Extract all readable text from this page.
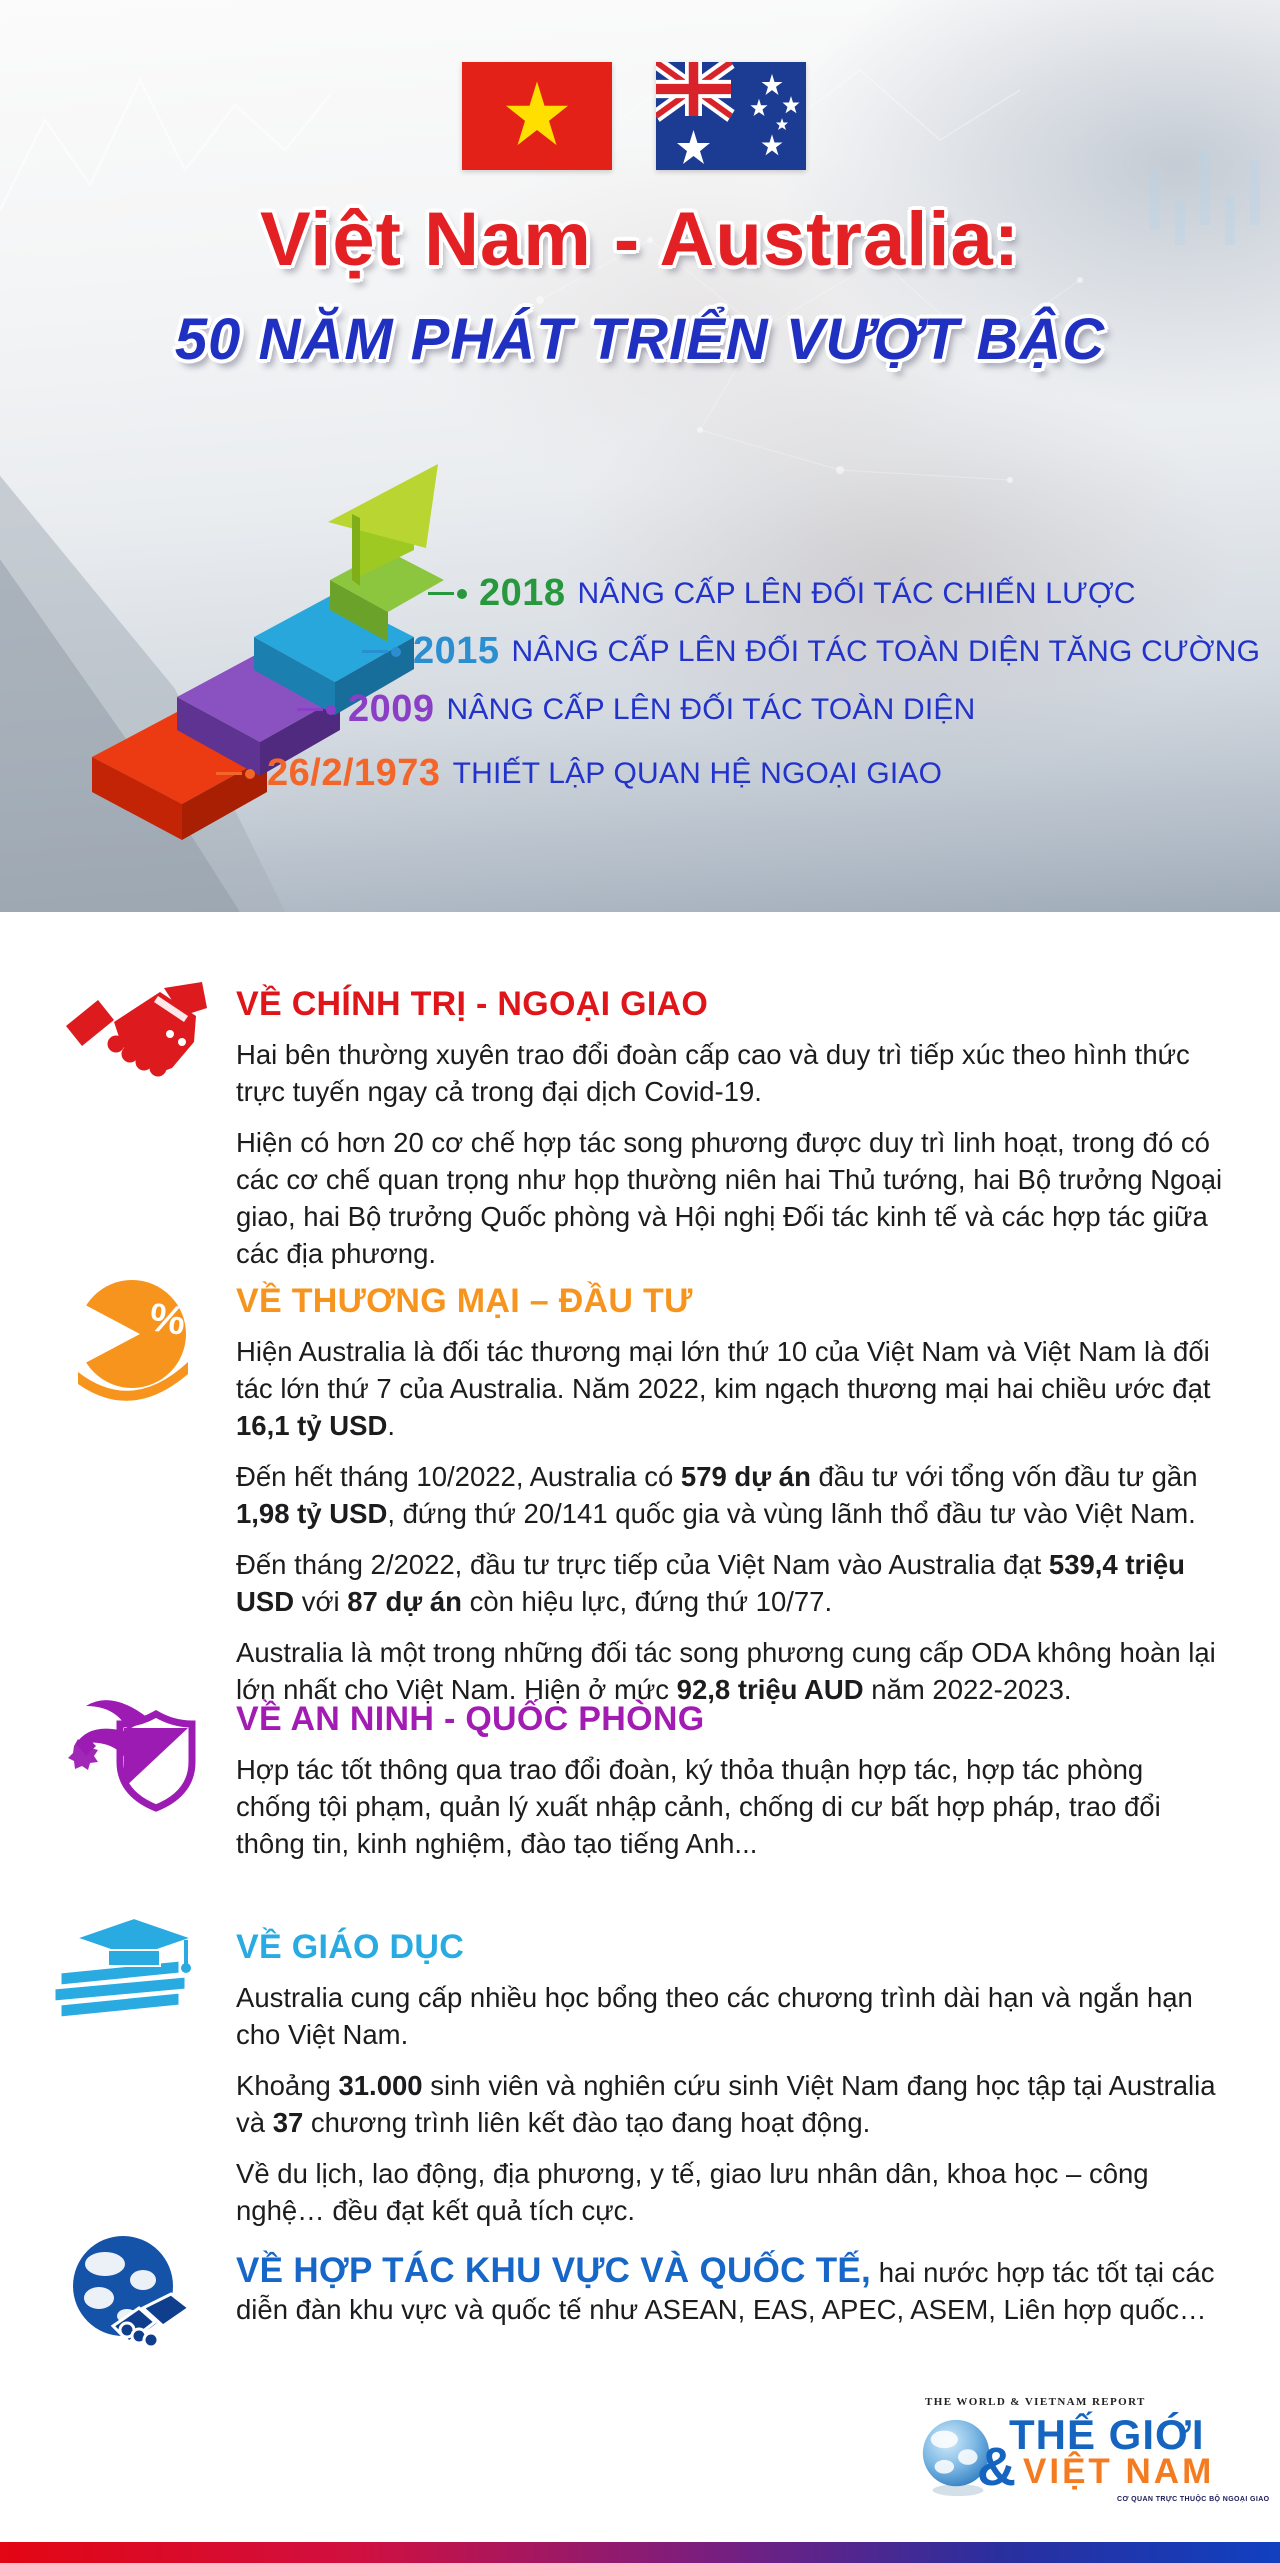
Việt Nam - Australia:
50 NĂM PHÁT TRIỂN VƯỢT BẬC
2018 NÂNG CẤP LÊN ĐỐI TÁC CHIẾN LƯỢC
2015 NÂNG CẤP LÊN ĐỐI TÁC TOÀN DIỆN TĂNG CƯỜNG
2009 NÂNG CẤP LÊN ĐỐI TÁC TOÀN DIỆN
26/2/1973 THIẾT LẬP QUAN HỆ NGOẠI GIAO
%
VỀ CHÍNH TRỊ - NGOẠI GIAO

Hai bên thường xuyên trao đổi đoàn cấp cao và duy trì tiếp xúc theo hình thức trực tuyến ngay cả trong đại dịch Covid-19.

Hiện có hơn 20 cơ chế hợp tác song phương được duy trì linh hoạt, trong đó có các cơ chế quan trọng như họp thường niên hai Thủ tướng, hai Bộ trưởng Ngoại giao, hai Bộ trưởng Quốc phòng và Hội nghị Đối tác kinh tế và các hợp tác giữa các địa phương.

VỀ THƯƠNG MẠI – ĐẦU TƯ

Hiện Australia là đối tác thương mại lớn thứ 10 của Việt Nam và Việt Nam là đối tác lớn thứ 7 của Australia. Năm 2022, kim ngạch thương mại hai chiều ước đạt 16,1 tỷ USD.

Đến hết tháng 10/2022, Australia có 579 dự án đầu tư với tổng vốn đầu tư gần 1,98 tỷ USD, đứng thứ 20/141 quốc gia và vùng lãnh thổ đầu tư vào Việt Nam.

Đến tháng 2/2022, đầu tư trực tiếp của Việt Nam vào Australia đạt 539,4 triệu USD với 87 dự án còn hiệu lực, đứng thứ 10/77.

Australia là một trong những đối tác song phương cung cấp ODA không hoàn lại lớn nhất cho Việt Nam. Hiện ở mức 92,8 triệu AUD năm 2022-2023.

VỀ AN NINH - QUỐC PHÒNG

Hợp tác tốt thông qua trao đổi đoàn, ký thỏa thuận hợp tác, hợp tác phòng chống tội phạm, quản lý xuất nhập cảnh, chống di cư bất hợp pháp, trao đổi thông tin, kinh nghiệm, đào tạo tiếng Anh...

VỀ GIÁO DỤC

Australia cung cấp nhiều học bổng theo các chương trình dài hạn và ngắn hạn cho Việt Nam.

Khoảng 31.000 sinh viên và nghiên cứu sinh Việt Nam đang học tập tại Australia và 37 chương trình liên kết đào tạo đang hoạt động.

Về du lịch, lao động, địa phương, y tế, giao lưu nhân dân, khoa học – công nghệ… đều đạt kết quả tích cực.

VỀ HỢP TÁC KHU VỰC VÀ QUỐC TẾ, hai nước hợp tác tốt tại các diễn đàn khu vực và quốc tế như ASEAN, EAS, APEC, ASEM, Liên hợp quốc…

THE WORLD & VIETNAM REPORT
&
THẾ GIỚI
VIỆT NAM
CƠ QUAN TRỰC THUỘC BỘ NGOẠI GIAO
